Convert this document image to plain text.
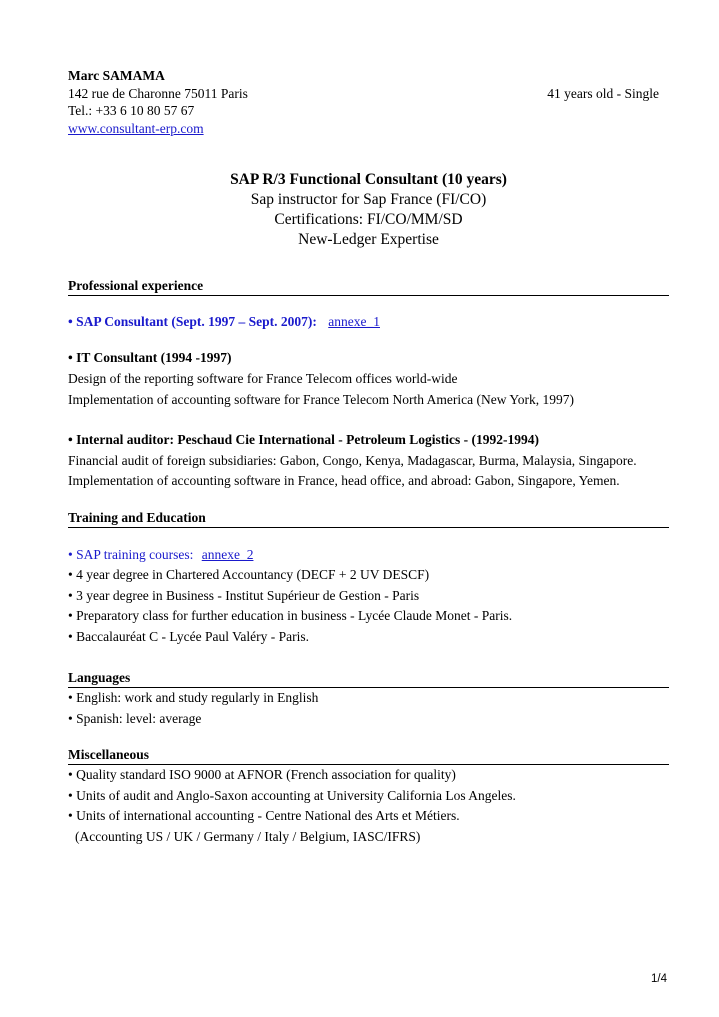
Marc SAMAMA
142 rue de Charonne 75011 Paris	41 years old - Single
Tel.: +33 6 10 80 57 67
www.consultant-erp.com
SAP R/3 Functional Consultant (10 years)
Sap instructor for Sap France (FI/CO)
Certifications: FI/CO/MM/SD
New-Ledger Expertise
Professional experience
• SAP Consultant (Sept. 1997 – Sept. 2007): annexe_1
• IT Consultant (1994 -1997)
Design of the reporting software for France Telecom offices world-wide
Implementation of accounting software for France Telecom North America (New York, 1997)
• Internal auditor: Peschaud Cie International - Petroleum Logistics - (1992-1994)
Financial audit of foreign subsidiaries: Gabon, Congo, Kenya, Madagascar, Burma, Malaysia, Singapore.
Implementation of accounting software in France, head office, and abroad: Gabon, Singapore, Yemen.
Training and Education
• SAP training courses: annexe_2
• 4 year degree in Chartered Accountancy (DECF + 2 UV DESCF)
• 3 year degree in Business - Institut Supérieur de Gestion - Paris
• Preparatory class for further education in business - Lycée Claude Monet - Paris.
• Baccalauréat C - Lycée Paul Valéry - Paris.
Languages
• English: work and study regularly in English
• Spanish: level: average
Miscellaneous
• Quality standard ISO 9000 at AFNOR (French association for quality)
• Units of audit and Anglo-Saxon accounting at University California Los Angeles.
• Units of international accounting - Centre National des Arts et Métiers.
(Accounting US / UK / Germany / Italy / Belgium, IASC/IFRS)
1/4
